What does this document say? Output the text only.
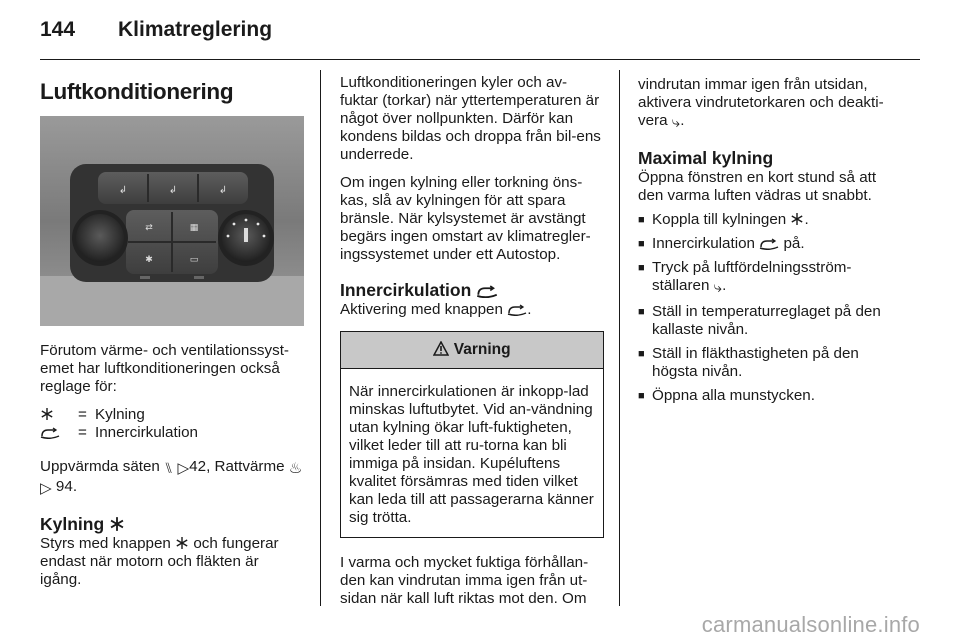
144 Klimatreglering
Luftkonditionering
↲	↲	↲
⇄	▦
✱	▭

Förutom värme- och ventilationssyst-emet har luftkonditioneringen också reglage för:

= Kylning
= Innercirkulation

Uppvärmda säten ⑊ ▷42, Rattvärme ♨ ▷ 94.

Kylning

Styrs med knappen och fungerar endast när motorn och fläkten är igång.

Luftkonditioneringen kyler och av-fuktar (torkar) när yttertemperaturen är något över nollpunkten. Därför kan kondens bildas och droppa från bil-ens underrede.

Om ingen kylning eller torkning öns-kas, slå av kylningen för att spara bränsle. När kylsystemet är avstängt begärs ingen omstart av klimatregler-ingssystemet under ett Autostop.

Innercirkulation

Aktivering med knappen .

Varning
När innercirkulationen är inkopp-lad minskas luftutbytet. Vid an-vändning utan kylning ökar luft-fuktigheten, vilket leder till att ru-torna kan bli immiga på insidan. Kupéluftens kvalitet försämras med tiden vilket kan leda till att passagerarna känner sig trötta.

I varma och mycket fuktiga förhållan-den kan vindrutan imma igen från ut-sidan när kall luft riktas mot den. Om

vindrutan immar igen från utsidan, aktivera vindrutetorkaren och deakti-vera ⤷.

Maximal kylning

Öppna fönstren en kort stund så att den varma luften vädras ut snabbt.

■ Koppla till kylningen .
■ Innercirkulation på.
■ Tryck på luftfördelningsström-ställaren ⤷.
■ Ställ in temperaturreglaget på den kallaste nivån.
■ Ställ in fläkthastigheten på den högsta nivån.
■ Öppna alla munstycken.
carmanualsonline.info
